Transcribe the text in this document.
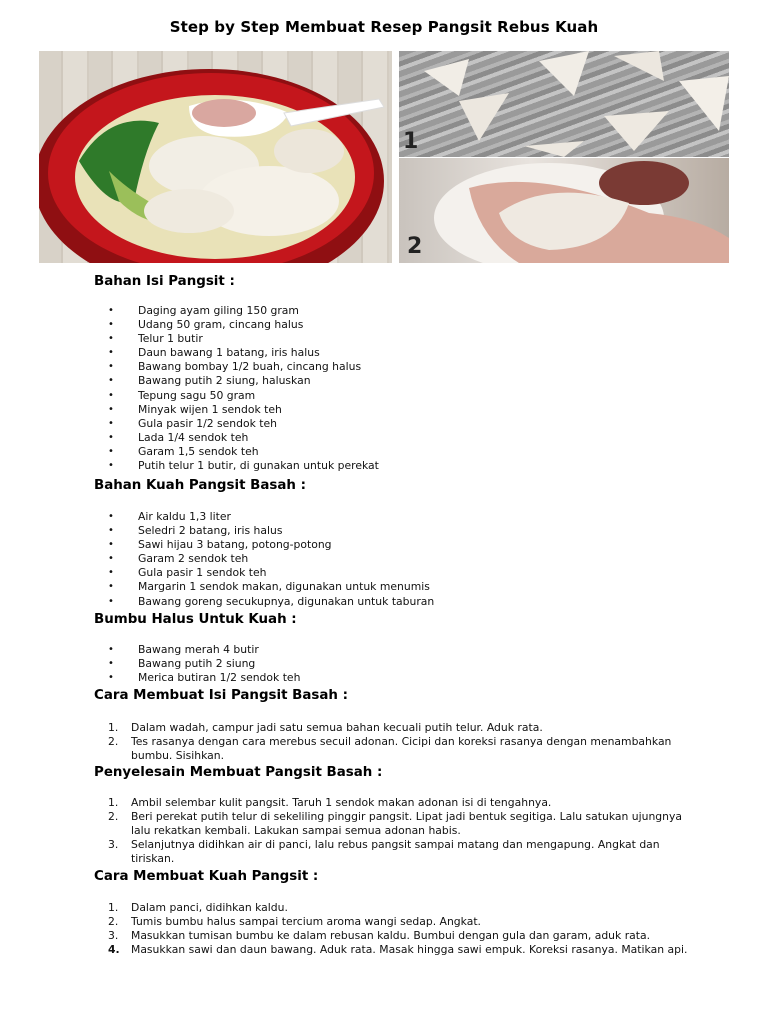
Step by Step Membuat Resep Pangsit Rebus Kuah
1
2
Bahan Isi Pangsit :
• Daging ayam giling 150 gram
• Udang 50 gram, cincang halus
• Telur 1 butir
• Daun bawang 1 batang, iris halus
• Bawang bombay 1/2 buah, cincang halus
• Bawang putih 2 siung, haluskan
• Tepung sagu 50 gram
• Minyak wijen 1 sendok teh
• Gula pasir 1/2 sendok teh
• Lada 1/4 sendok teh
• Garam 1,5 sendok teh
• Putih telur 1 butir, di gunakan untuk perekat
Bahan Kuah Pangsit Basah :
• Air kaldu 1,3 liter
• Seledri 2 batang, iris halus
• Sawi hijau 3 batang, potong-potong
• Garam 2 sendok teh
• Gula pasir 1 sendok teh
• Margarin 1 sendok makan, digunakan untuk menumis
• Bawang goreng secukupnya, digunakan untuk taburan
Bumbu Halus Untuk Kuah :
• Bawang merah 4 butir
• Bawang putih 2 siung
• Merica butiran 1/2 sendok teh
Cara Membuat Isi Pangsit Basah :
1. Dalam wadah, campur jadi satu semua bahan kecuali putih telur. Aduk rata.
2. Tes rasanya dengan cara merebus secuil adonan. Cicipi dan koreksi rasanya dengan menambahkan bumbu. Sisihkan.
Penyelesain Membuat Pangsit Basah :
1. Ambil selembar kulit pangsit. Taruh 1 sendok makan adonan isi di tengahnya.
2. Beri perekat putih telur di sekeliling pinggir pangsit. Lipat jadi bentuk segitiga. Lalu satukan ujungnya lalu rekatkan kembali. Lakukan sampai semua adonan habis.
3. Selanjutnya didihkan air di panci, lalu rebus pangsit sampai matang dan mengapung. Angkat dan tiriskan.
Cara Membuat Kuah Pangsit :
1. Dalam panci, didihkan kaldu.
2. Tumis bumbu halus sampai tercium aroma wangi sedap. Angkat.
3. Masukkan tumisan bumbu ke dalam rebusan kaldu. Bumbui dengan gula dan garam, aduk rata.
4. Masukkan sawi dan daun bawang. Aduk rata. Masak hingga sawi empuk. Koreksi rasanya. Matikan api.
